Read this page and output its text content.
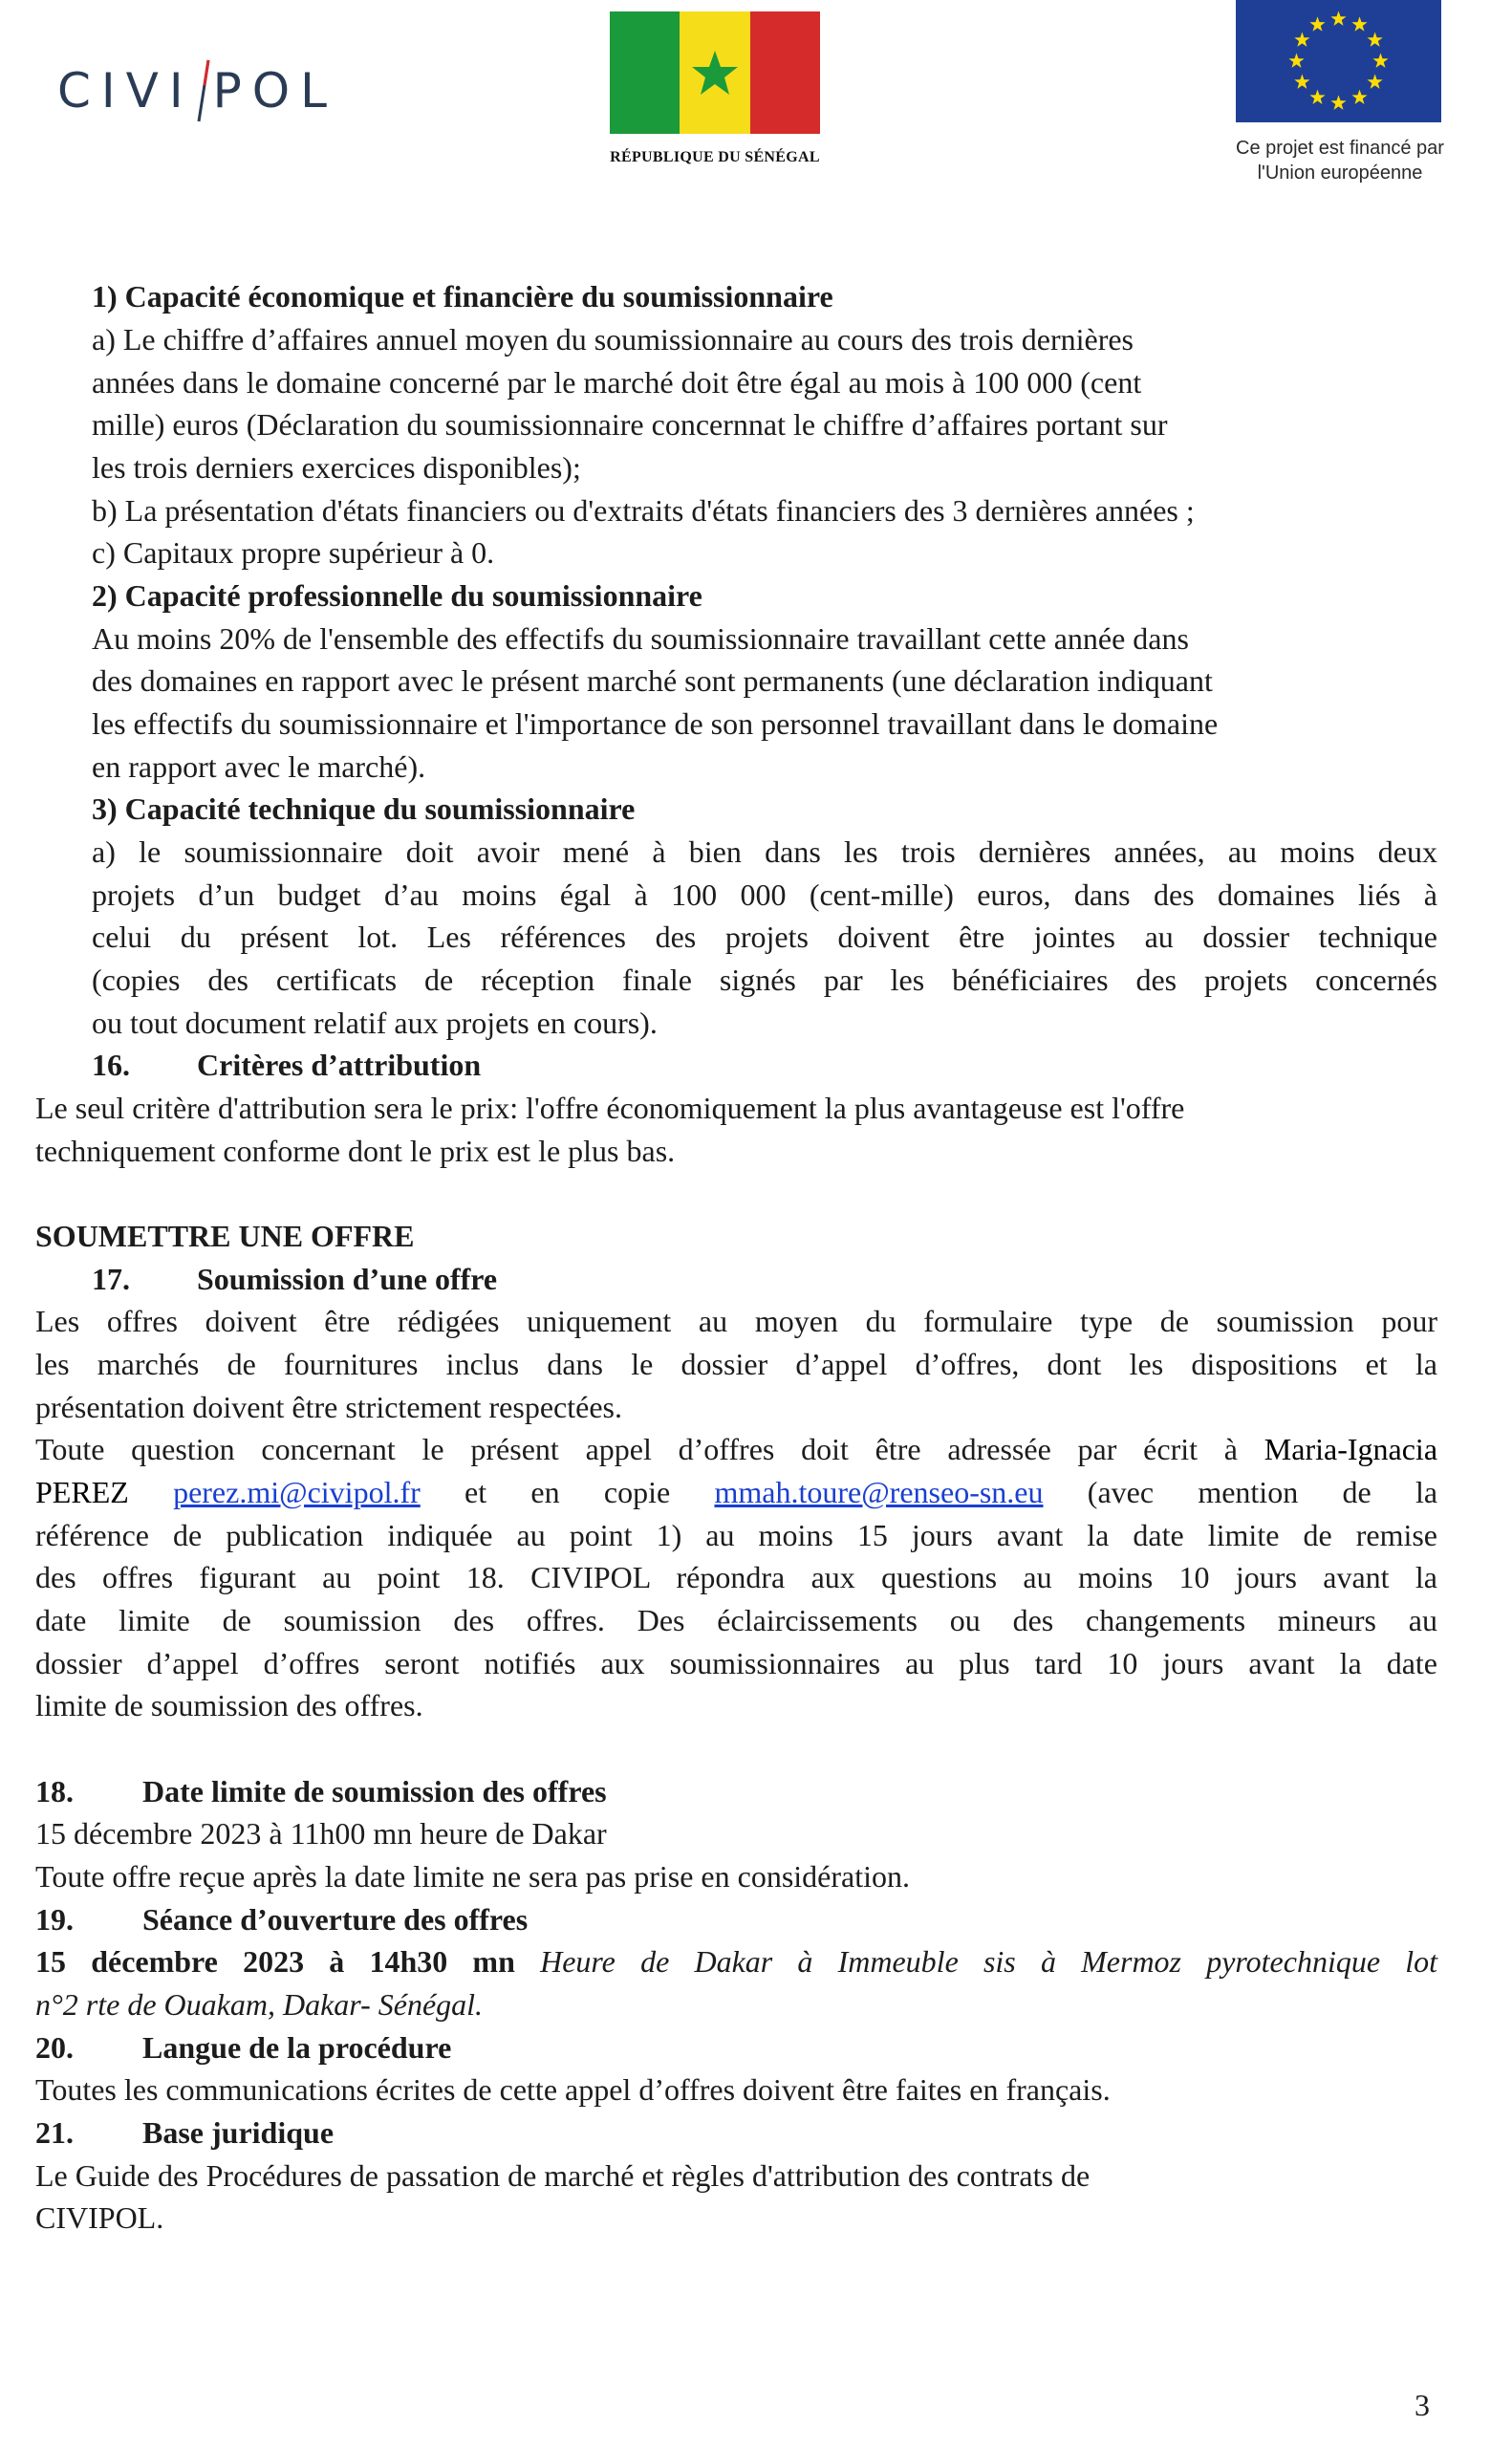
CIVI POL
RÉPUBLIQUE DU SÉNÉGAL	Ce projet est financé par
l'Union européenne
1) Capacité économique et financière du soumissionnaire
a) Le chiffre d’affaires annuel moyen du soumissionnaire au cours des trois dernières
années dans le domaine concerné par le marché doit être égal au mois à 100 000 (cent
mille) euros (Déclaration du soumissionnaire concernnat le chiffre d’affaires portant sur
les trois derniers exercices disponibles);
b) La présentation d'états financiers ou d'extraits d'états financiers des 3 dernières années ;
c) Capitaux propre supérieur à 0.
2) Capacité professionnelle du soumissionnaire
Au moins 20% de l'ensemble des effectifs du soumissionnaire travaillant cette année dans
des domaines en rapport avec le présent marché sont permanents (une déclaration indiquant
les effectifs du soumissionnaire et l'importance de son personnel travaillant dans le domaine
en rapport avec le marché).
3) Capacité technique du soumissionnaire
a) le soumissionnaire doit avoir mené à bien dans les trois dernières années, au moins deux
projets d’un budget d’au moins égal à 100 000 (cent-mille) euros, dans des domaines liés à
celui du présent lot. Les références des projets doivent être jointes au dossier technique
(copies des certificats de réception finale signés par les bénéficiaires des projets concernés
ou tout document relatif aux projets en cours).
16. Critères d’attribution
Le seul critère d'attribution sera le prix: l'offre économiquement la plus avantageuse est l'offre
techniquement conforme dont le prix est le plus bas.
SOUMETTRE UNE OFFRE
17. Soumission d’une offre
Les offres doivent être rédigées uniquement au moyen du formulaire type de soumission pour
les marchés de fournitures inclus dans le dossier d’appel d’offres, dont les dispositions et la
présentation doivent être strictement respectées.
Toute question concernant le présent appel d’offres doit être adressée par écrit à Maria-Ignacia
PEREZ perez.mi@civipol.fr et en copie mmah.toure@renseo-sn.eu (avec mention de la
référence de publication indiquée au point 1) au moins 15 jours avant la date limite de remise
des offres figurant au point 18. CIVIPOL répondra aux questions au moins 10 jours avant la
date limite de soumission des offres. Des éclaircissements ou des changements mineurs au
dossier d’appel d’offres seront notifiés aux soumissionnaires au plus tard 10 jours avant la date
limite de soumission des offres.
18. Date limite de soumission des offres
15 décembre 2023 à 11h00 mn heure de Dakar
Toute offre reçue après la date limite ne sera pas prise en considération.
19. Séance d’ouverture des offres
15 décembre 2023 à 14h30 mn Heure de Dakar à Immeuble sis à Mermoz pyrotechnique lot
n°2 rte de Ouakam, Dakar- Sénégal.
20. Langue de la procédure
Toutes les communications écrites de cette appel d’offres doivent être faites en français.
21. Base juridique
Le Guide des Procédures de passation de marché et règles d'attribution des contrats de
CIVIPOL.
3
